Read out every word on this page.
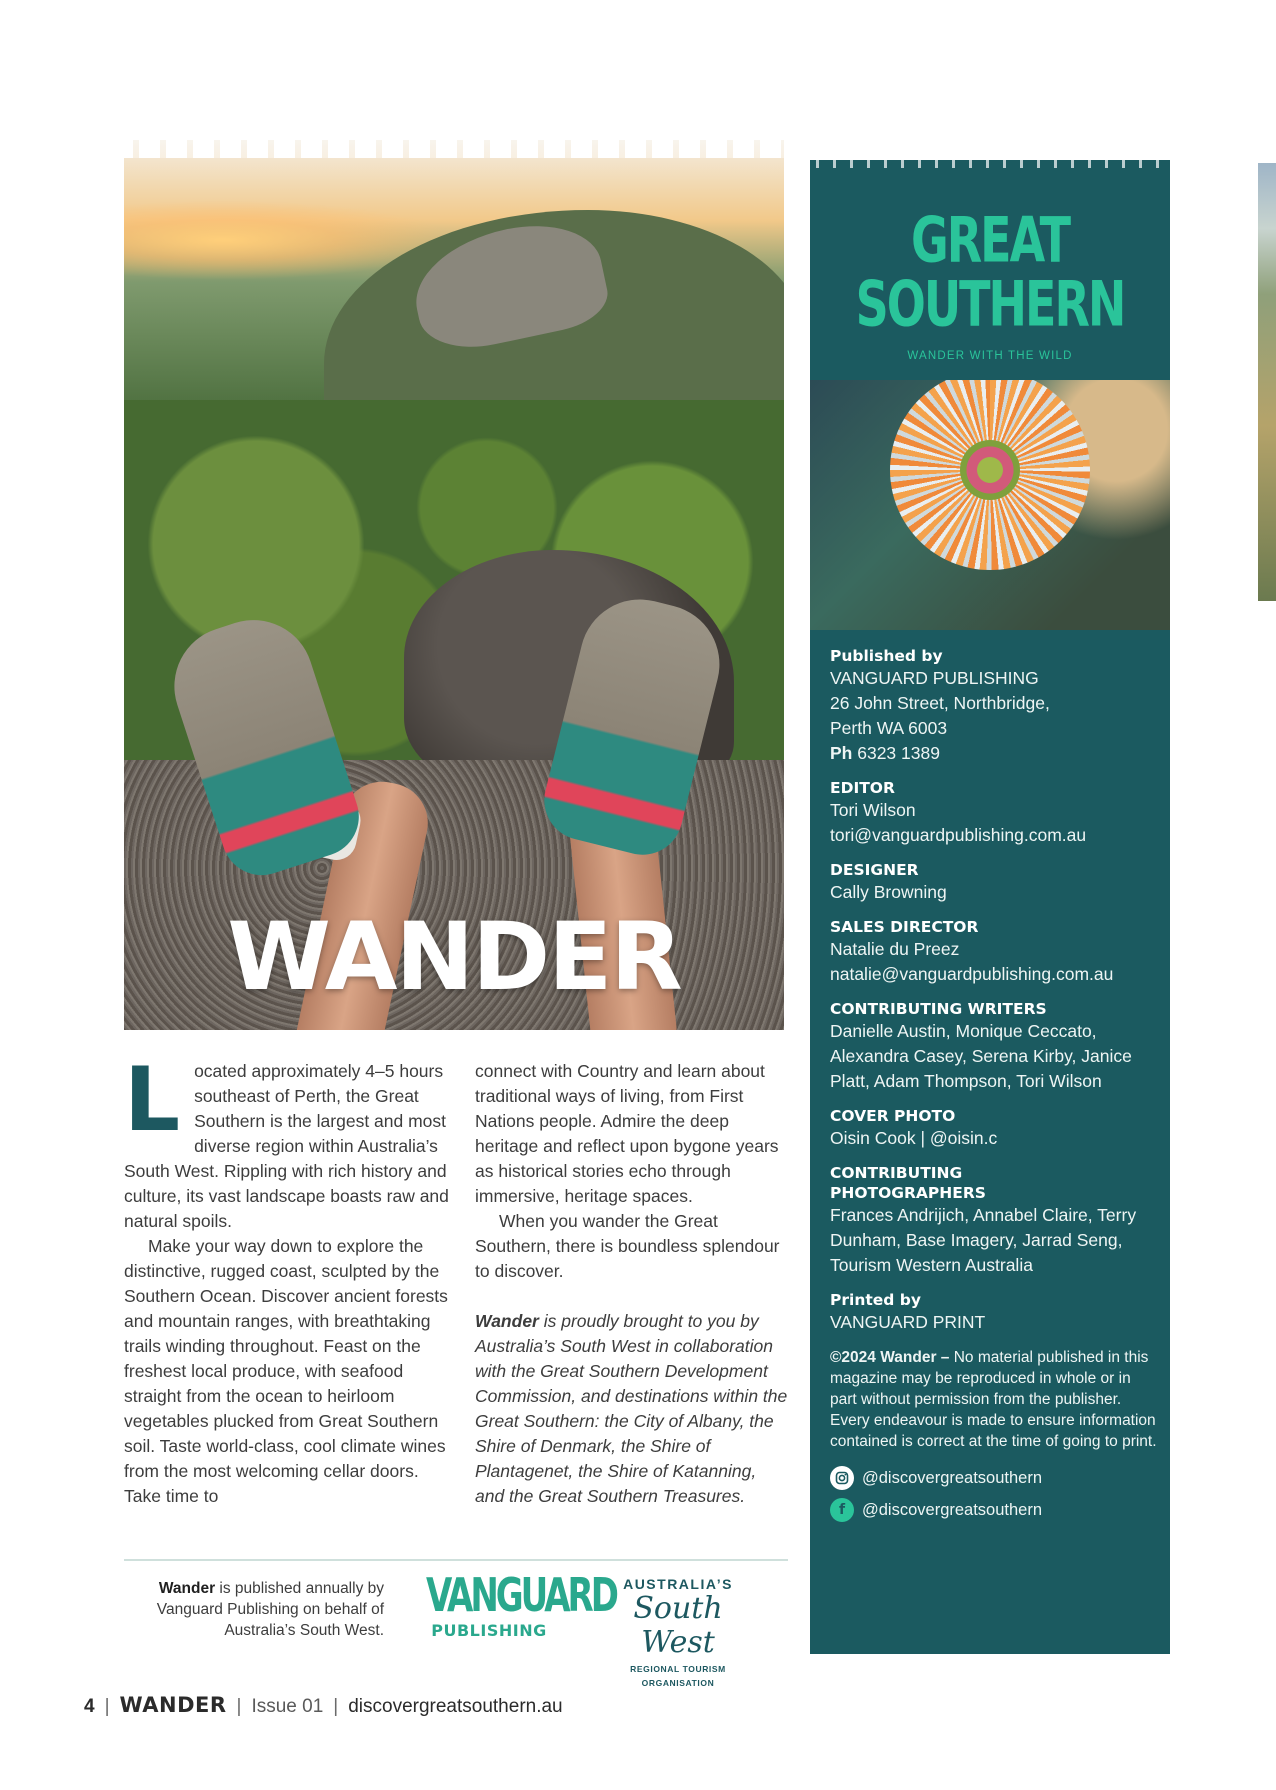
WANDER

Located approximately 4–5 hours southeast of Perth, the Great Southern is the largest and most diverse region within Australia’s South West. Rippling with rich history and culture, its vast landscape boasts raw and natural spoils.

Make your way down to explore the distinctive, rugged coast, sculpted by the Southern Ocean. Discover ancient forests and mountain ranges, with breathtaking trails winding throughout. Feast on the freshest local produce, with seafood straight from the ocean to heirloom vegetables plucked from Great Southern soil. Taste world-class, cool climate wines from the most welcoming cellar doors. Take time to

connect with Country and learn about traditional ways of living, from First Nations people. Admire the deep heritage and reflect upon bygone years as historical stories echo through immersive, heritage spaces.

When you wander the Great Southern, there is boundless splendour to discover.

Wander is proudly brought to you by Australia’s South West in collaboration with the Great Southern Development Commission, and destinations within the Great Southern: the City of Albany, the Shire of Denmark, the Shire of Plantagenet, the Shire of Katanning, and the Great Southern Treasures.

Wander is published annually by Vanguard Publishing on behalf of Australia’s South West.
VANGUARD
PUBLISHING
AUSTRALIA’S
South West
REGIONAL TOURISM
ORGANISATION
4 | WANDER | Issue 01 | discovergreatsouthern.au
GREAT
SOUTHERN
WANDER WITH THE WILD

Published by

VANGUARD PUBLISHING

26 John Street, Northbridge,

Perth WA 6003

Ph 6323 1389

EDITOR

Tori Wilson

tori@vanguardpublishing.com.au

DESIGNER

Cally Browning

SALES DIRECTOR

Natalie du Preez

natalie@vanguardpublishing.com.au

CONTRIBUTING WRITERS

Danielle Austin, Monique Ceccato, Alexandra Casey, Serena Kirby, Janice Platt, Adam Thompson, Tori Wilson

COVER PHOTO

Oisin Cook | @oisin.c

CONTRIBUTING

PHOTOGRAPHERS

Frances Andrijich, Annabel Claire, Terry Dunham, Base Imagery, Jarrad Seng, Tourism Western Australia

Printed by

VANGUARD PRINT

©2024 Wander – No material published in this magazine may be reproduced in whole or in part without permission from the publisher. Every endeavour is made to ensure information contained is correct at the time of going to print.

@discovergreatsouthern
f	@discovergreatsouthern
